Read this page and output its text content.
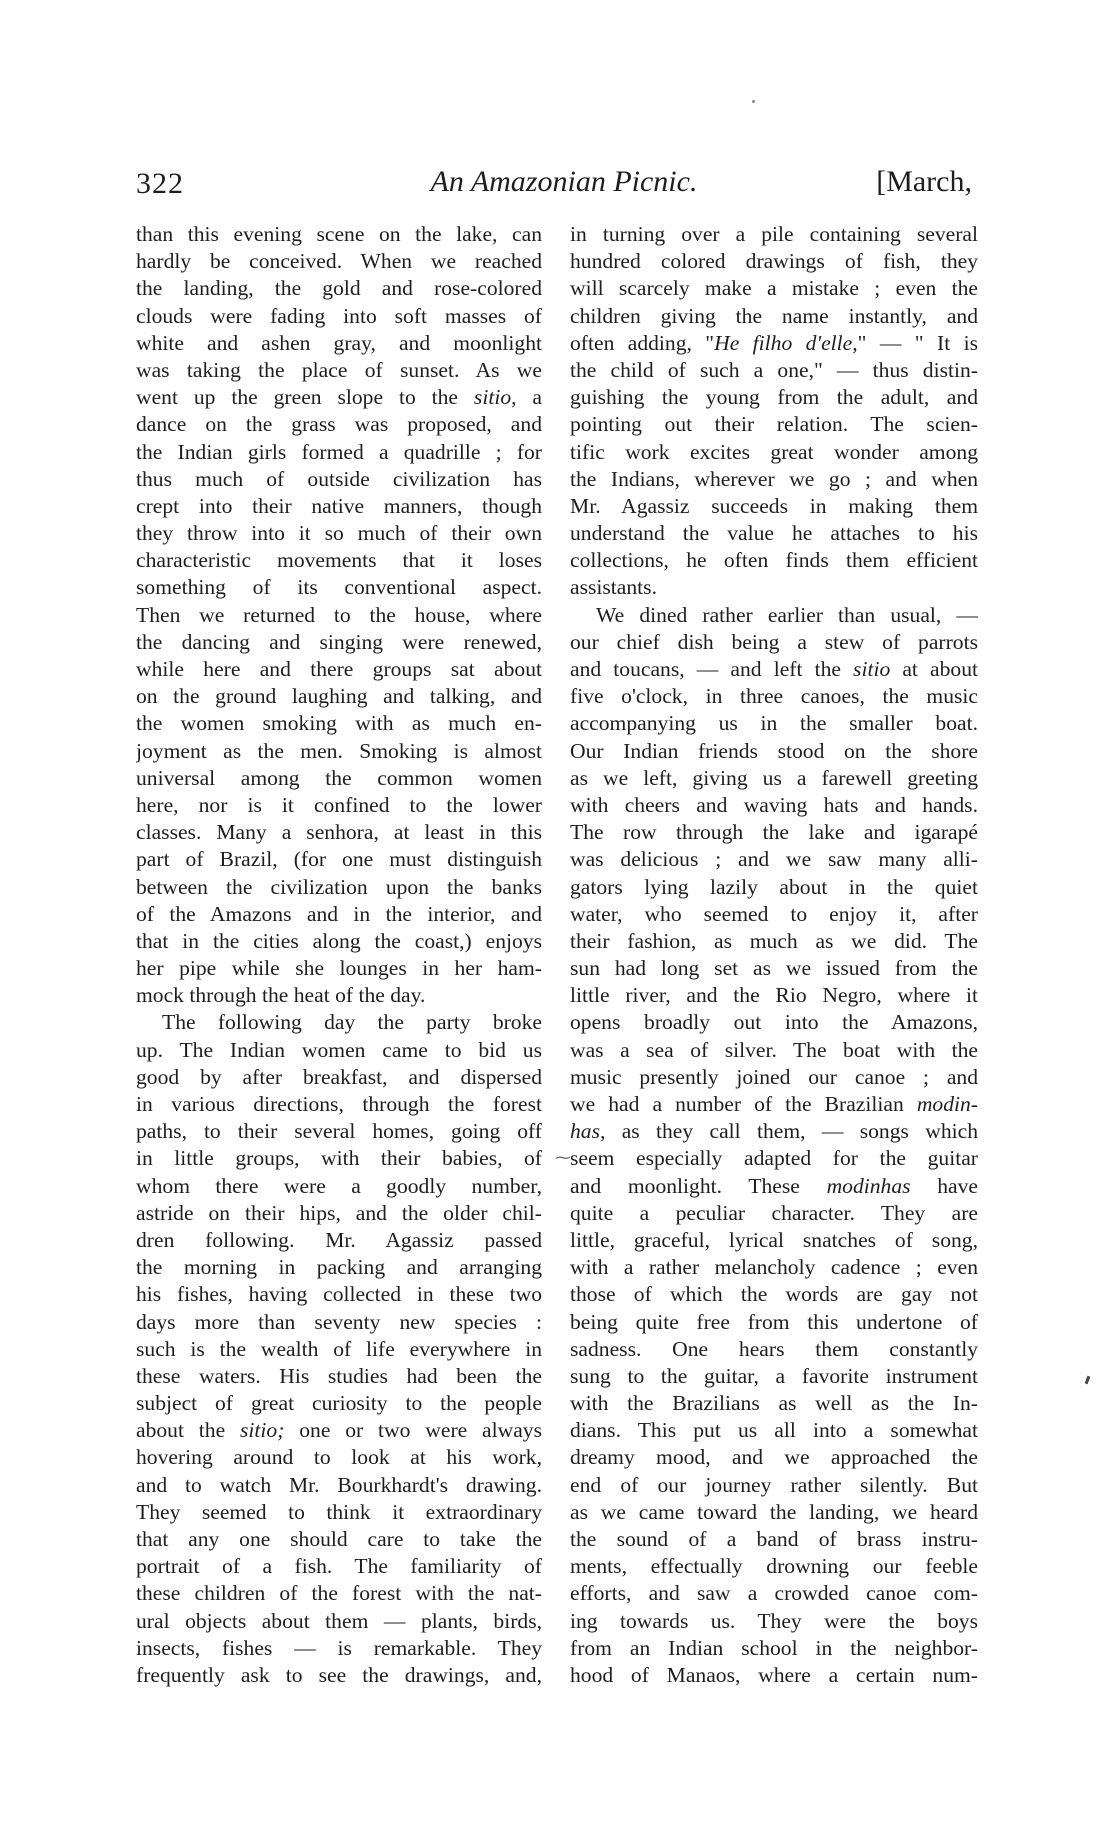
322	An Amazonian Picnic.	[March,
than this evening scene on the lake, can
hardly be conceived. When we reached
the landing, the gold and rose-colored
clouds were fading into soft masses of
white and ashen gray, and moonlight
was taking the place of sunset. As we
went up the green slope to the sitio, a
dance on the grass was proposed, and
the Indian girls formed a quadrille ; for
thus much of outside civilization has
crept into their native manners, though
they throw into it so much of their own
characteristic movements that it loses
something of its conventional aspect.
Then we returned to the house, where
the dancing and singing were renewed,
while here and there groups sat about
on the ground laughing and talking, and
the women smoking with as much en-
joyment as the men. Smoking is almost
universal among the common women
here, nor is it confined to the lower
classes. Many a senhora, at least in this
part of Brazil, (for one must distinguish
between the civilization upon the banks
of the Amazons and in the interior, and
that in the cities along the coast,) enjoys
her pipe while she lounges in her ham-
mock through the heat of the day.
The following day the party broke
up. The Indian women came to bid us
good by after breakfast, and dispersed
in various directions, through the forest
paths, to their several homes, going off
in little groups, with their babies, of
whom there were a goodly number,
astride on their hips, and the older chil-
dren following. Mr. Agassiz passed
the morning in packing and arranging
his fishes, having collected in these two
days more than seventy new species :
such is the wealth of life everywhere in
these waters. His studies had been the
subject of great curiosity to the people
about the sitio; one or two were always
hovering around to look at his work,
and to watch Mr. Bourkhardt's drawing.
They seemed to think it extraordinary
that any one should care to take the
portrait of a fish. The familiarity of
these children of the forest with the nat-
ural objects about them — plants, birds,
insects, fishes — is remarkable. They
frequently ask to see the drawings, and,
in turning over a pile containing several
hundred colored drawings of fish, they
will scarcely make a mistake ; even the
children giving the name instantly, and
often adding, "He filho d'elle," — " It is
the child of such a one," — thus distin-
guishing the young from the adult, and
pointing out their relation. The scien-
tific work excites great wonder among
the Indians, wherever we go ; and when
Mr. Agassiz succeeds in making them
understand the value he attaches to his
collections, he often finds them efficient
assistants.
We dined rather earlier than usual, —
our chief dish being a stew of parrots
and toucans, — and left the sitio at about
five o'clock, in three canoes, the music
accompanying us in the smaller boat.
Our Indian friends stood on the shore
as we left, giving us a farewell greeting
with cheers and waving hats and hands.
The row through the lake and igarapé
was delicious ; and we saw many alli-
gators lying lazily about in the quiet
water, who seemed to enjoy it, after
their fashion, as much as we did. The
sun had long set as we issued from the
little river, and the Rio Negro, where it
opens broadly out into the Amazons,
was a sea of silver. The boat with the
music presently joined our canoe ; and
we had a number of the Brazilian modin-
has, as they call them, — songs which
seem especially adapted for the guitar
and moonlight. These modinhas have
quite a peculiar character. They are
little, graceful, lyrical snatches of song,
with a rather melancholy cadence ; even
those of which the words are gay not
being quite free from this undertone of
sadness. One hears them constantly
sung to the guitar, a favorite instrument
with the Brazilians as well as the In-
dians. This put us all into a somewhat
dreamy mood, and we approached the
end of our journey rather silently. But
as we came toward the landing, we heard
the sound of a band of brass instru-
ments, effectually drowning our feeble
efforts, and saw a crowded canoe com-
ing towards us. They were the boys
from an Indian school in the neighbor-
hood of Manaos, where a certain num-
⁓
